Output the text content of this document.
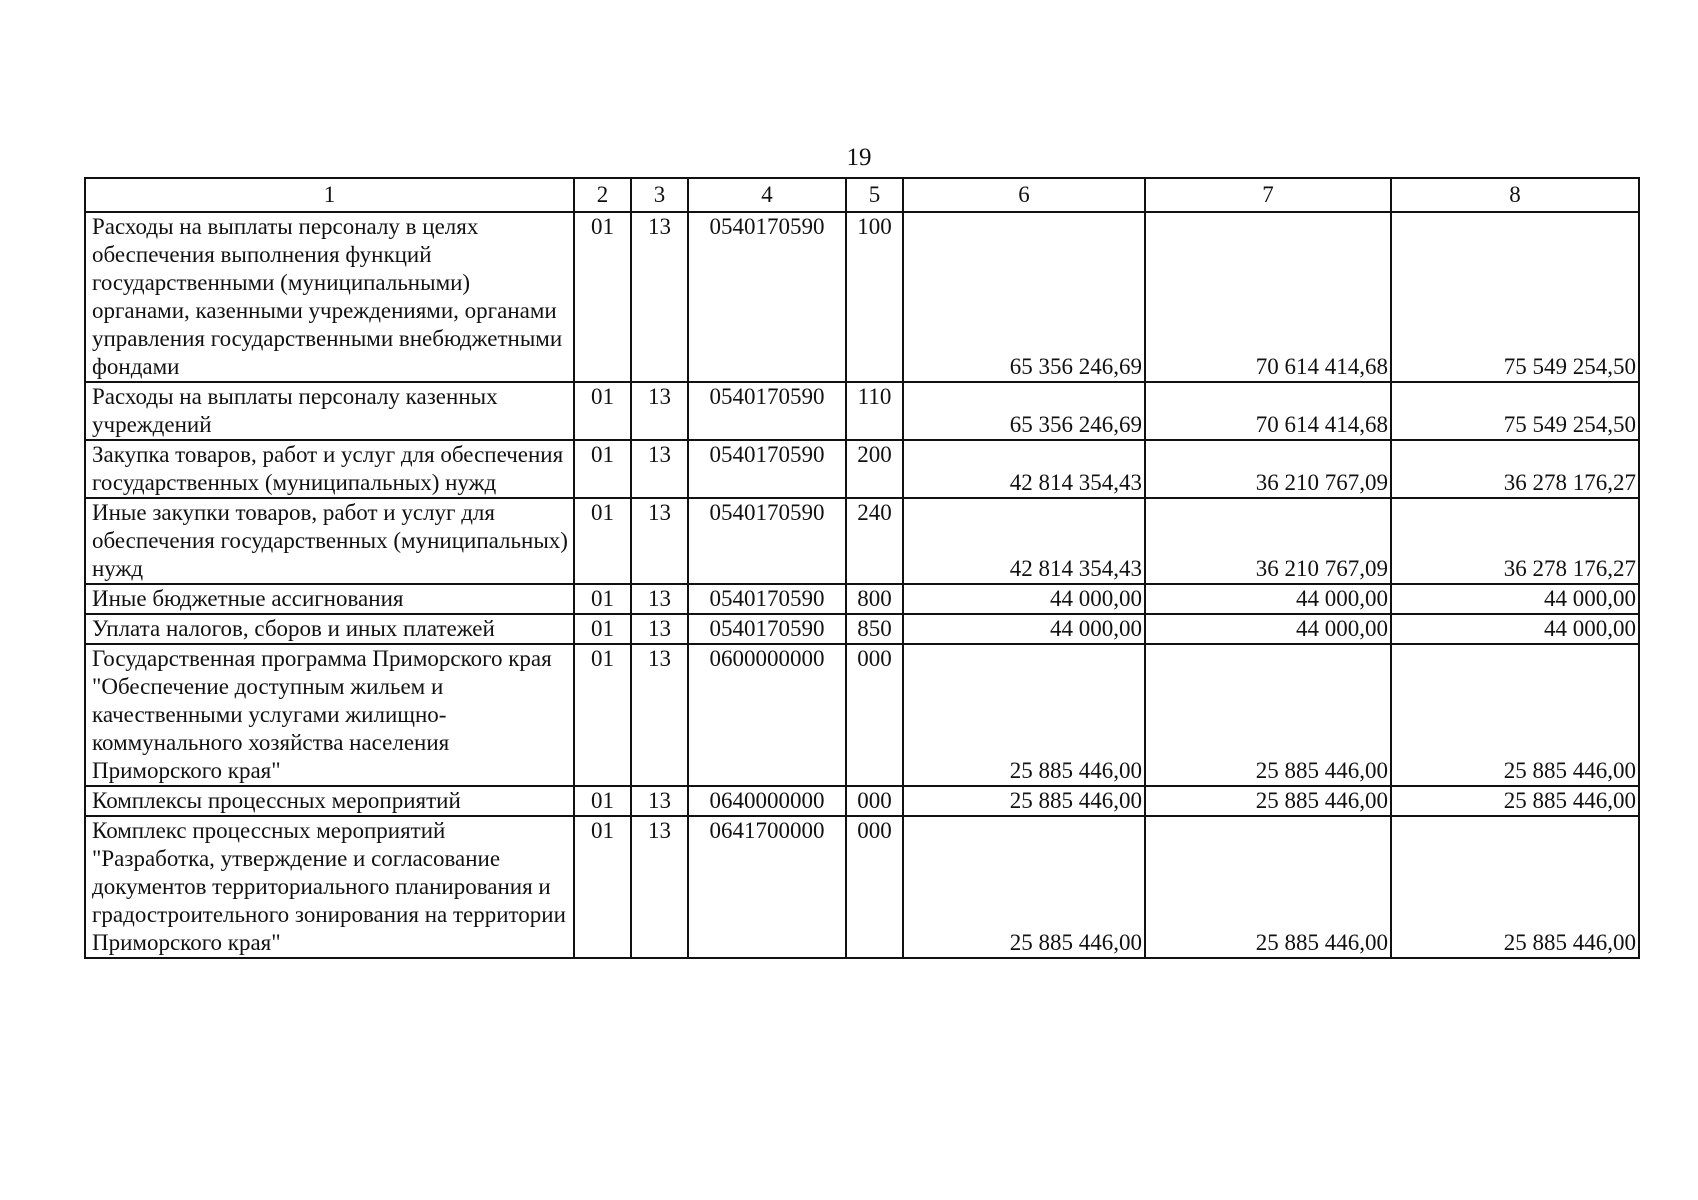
19
1	2	3	4	5	6	7	8
Расходы на выплаты персоналу в целях обеспечения выполнения функций государственными (муниципальными) органами, казенными учреждениями, органами управления государственными внебюджетными фондами	01	13	0540170590	100	65 356 246,69	70 614 414,68	75 549 254,50
Расходы на выплаты персоналу казенных учреждений	01	13	0540170590	110	65 356 246,69	70 614 414,68	75 549 254,50
Закупка товаров, работ и услуг для обеспечения государственных (муниципальных) нужд	01	13	0540170590	200	42 814 354,43	36 210 767,09	36 278 176,27
Иные закупки товаров, работ и услуг для обеспечения государственных (муниципальных) нужд	01	13	0540170590	240	42 814 354,43	36 210 767,09	36 278 176,27
Иные бюджетные ассигнования	01	13	0540170590	800	44 000,00	44 000,00	44 000,00
Уплата налогов, сборов и иных платежей	01	13	0540170590	850	44 000,00	44 000,00	44 000,00
Государственная программа Приморского края "Обеспечение доступным жильем и качественными услугами жилищно-коммунального хозяйства населения Приморского края"	01	13	0600000000	000	25 885 446,00	25 885 446,00	25 885 446,00
Комплексы процессных мероприятий	01	13	0640000000	000	25 885 446,00	25 885 446,00	25 885 446,00
Комплекс процессных мероприятий "Разработка, утверждение и согласование документов территориального планирования и градостроительного зонирования на территории Приморского края"	01	13	0641700000	000	25 885 446,00	25 885 446,00	25 885 446,00
